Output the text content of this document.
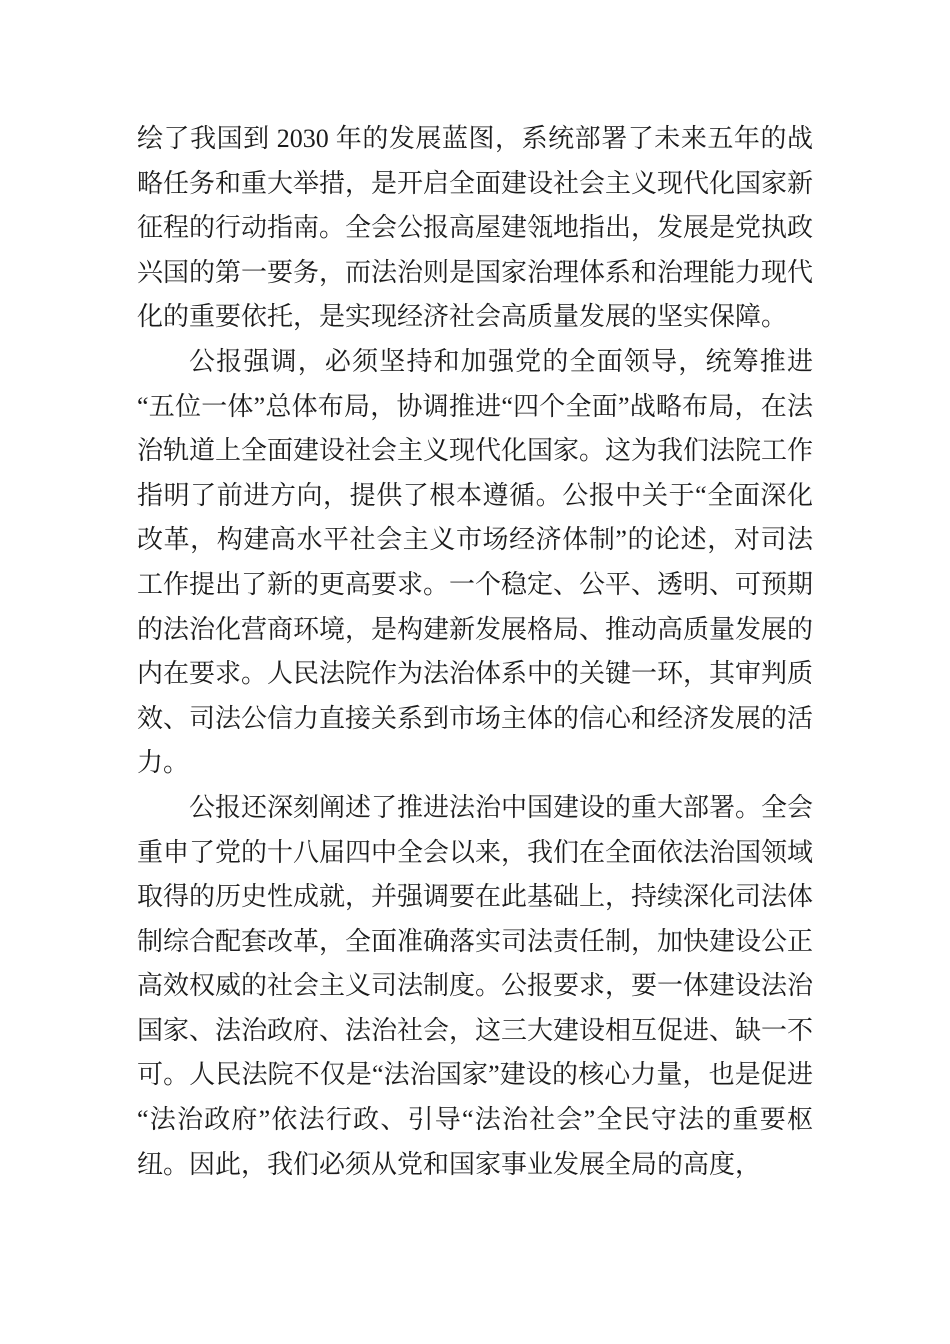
绘了我国到 2030 年的发展蓝图，系统部署了未来五年的战略任务和重大举措，是开启全面建设社会主义现代化国家新征程的行动指南。全会公报高屋建瓴地指出，发展是党执政兴国的第一要务，而法治则是国家治理体系和治理能力现代化的重要依托，是实现经济社会高质量发展的坚实保障。

公报强调，必须坚持和加强党的全面领导，统筹推进“五位一体”总体布局，协调推进“四个全面”战略布局，在法治轨道上全面建设社会主义现代化国家。这为我们法院工作指明了前进方向，提供了根本遵循。公报中关于“全面深化改革，构建高水平社会主义市场经济体制”的论述，对司法工作提出了新的更高要求。一个稳定、公平、透明、可预期的法治化营商环境，是构建新发展格局、推动高质量发展的内在要求。人民法院作为法治体系中的关键一环，其审判质效、司法公信力直接关系到市场主体的信心和经济发展的活力。

公报还深刻阐述了推进法治中国建设的重大部署。全会重申了党的十八届四中全会以来，我们在全面依法治国领域取得的历史性成就，并强调要在此基础上，持续深化司法体制综合配套改革，全面准确落实司法责任制，加快建设公正高效权威的社会主义司法制度。公报要求，要一体建设法治国家、法治政府、法治社会，这三大建设相互促进、缺一不可。人民法院不仅是“法治国家”建设的核心力量，也是促进“法治政府”依法行政、引导“法治社会”全民守法的重要枢纽。因此，我们必须从党和国家事业发展全局的高度，
